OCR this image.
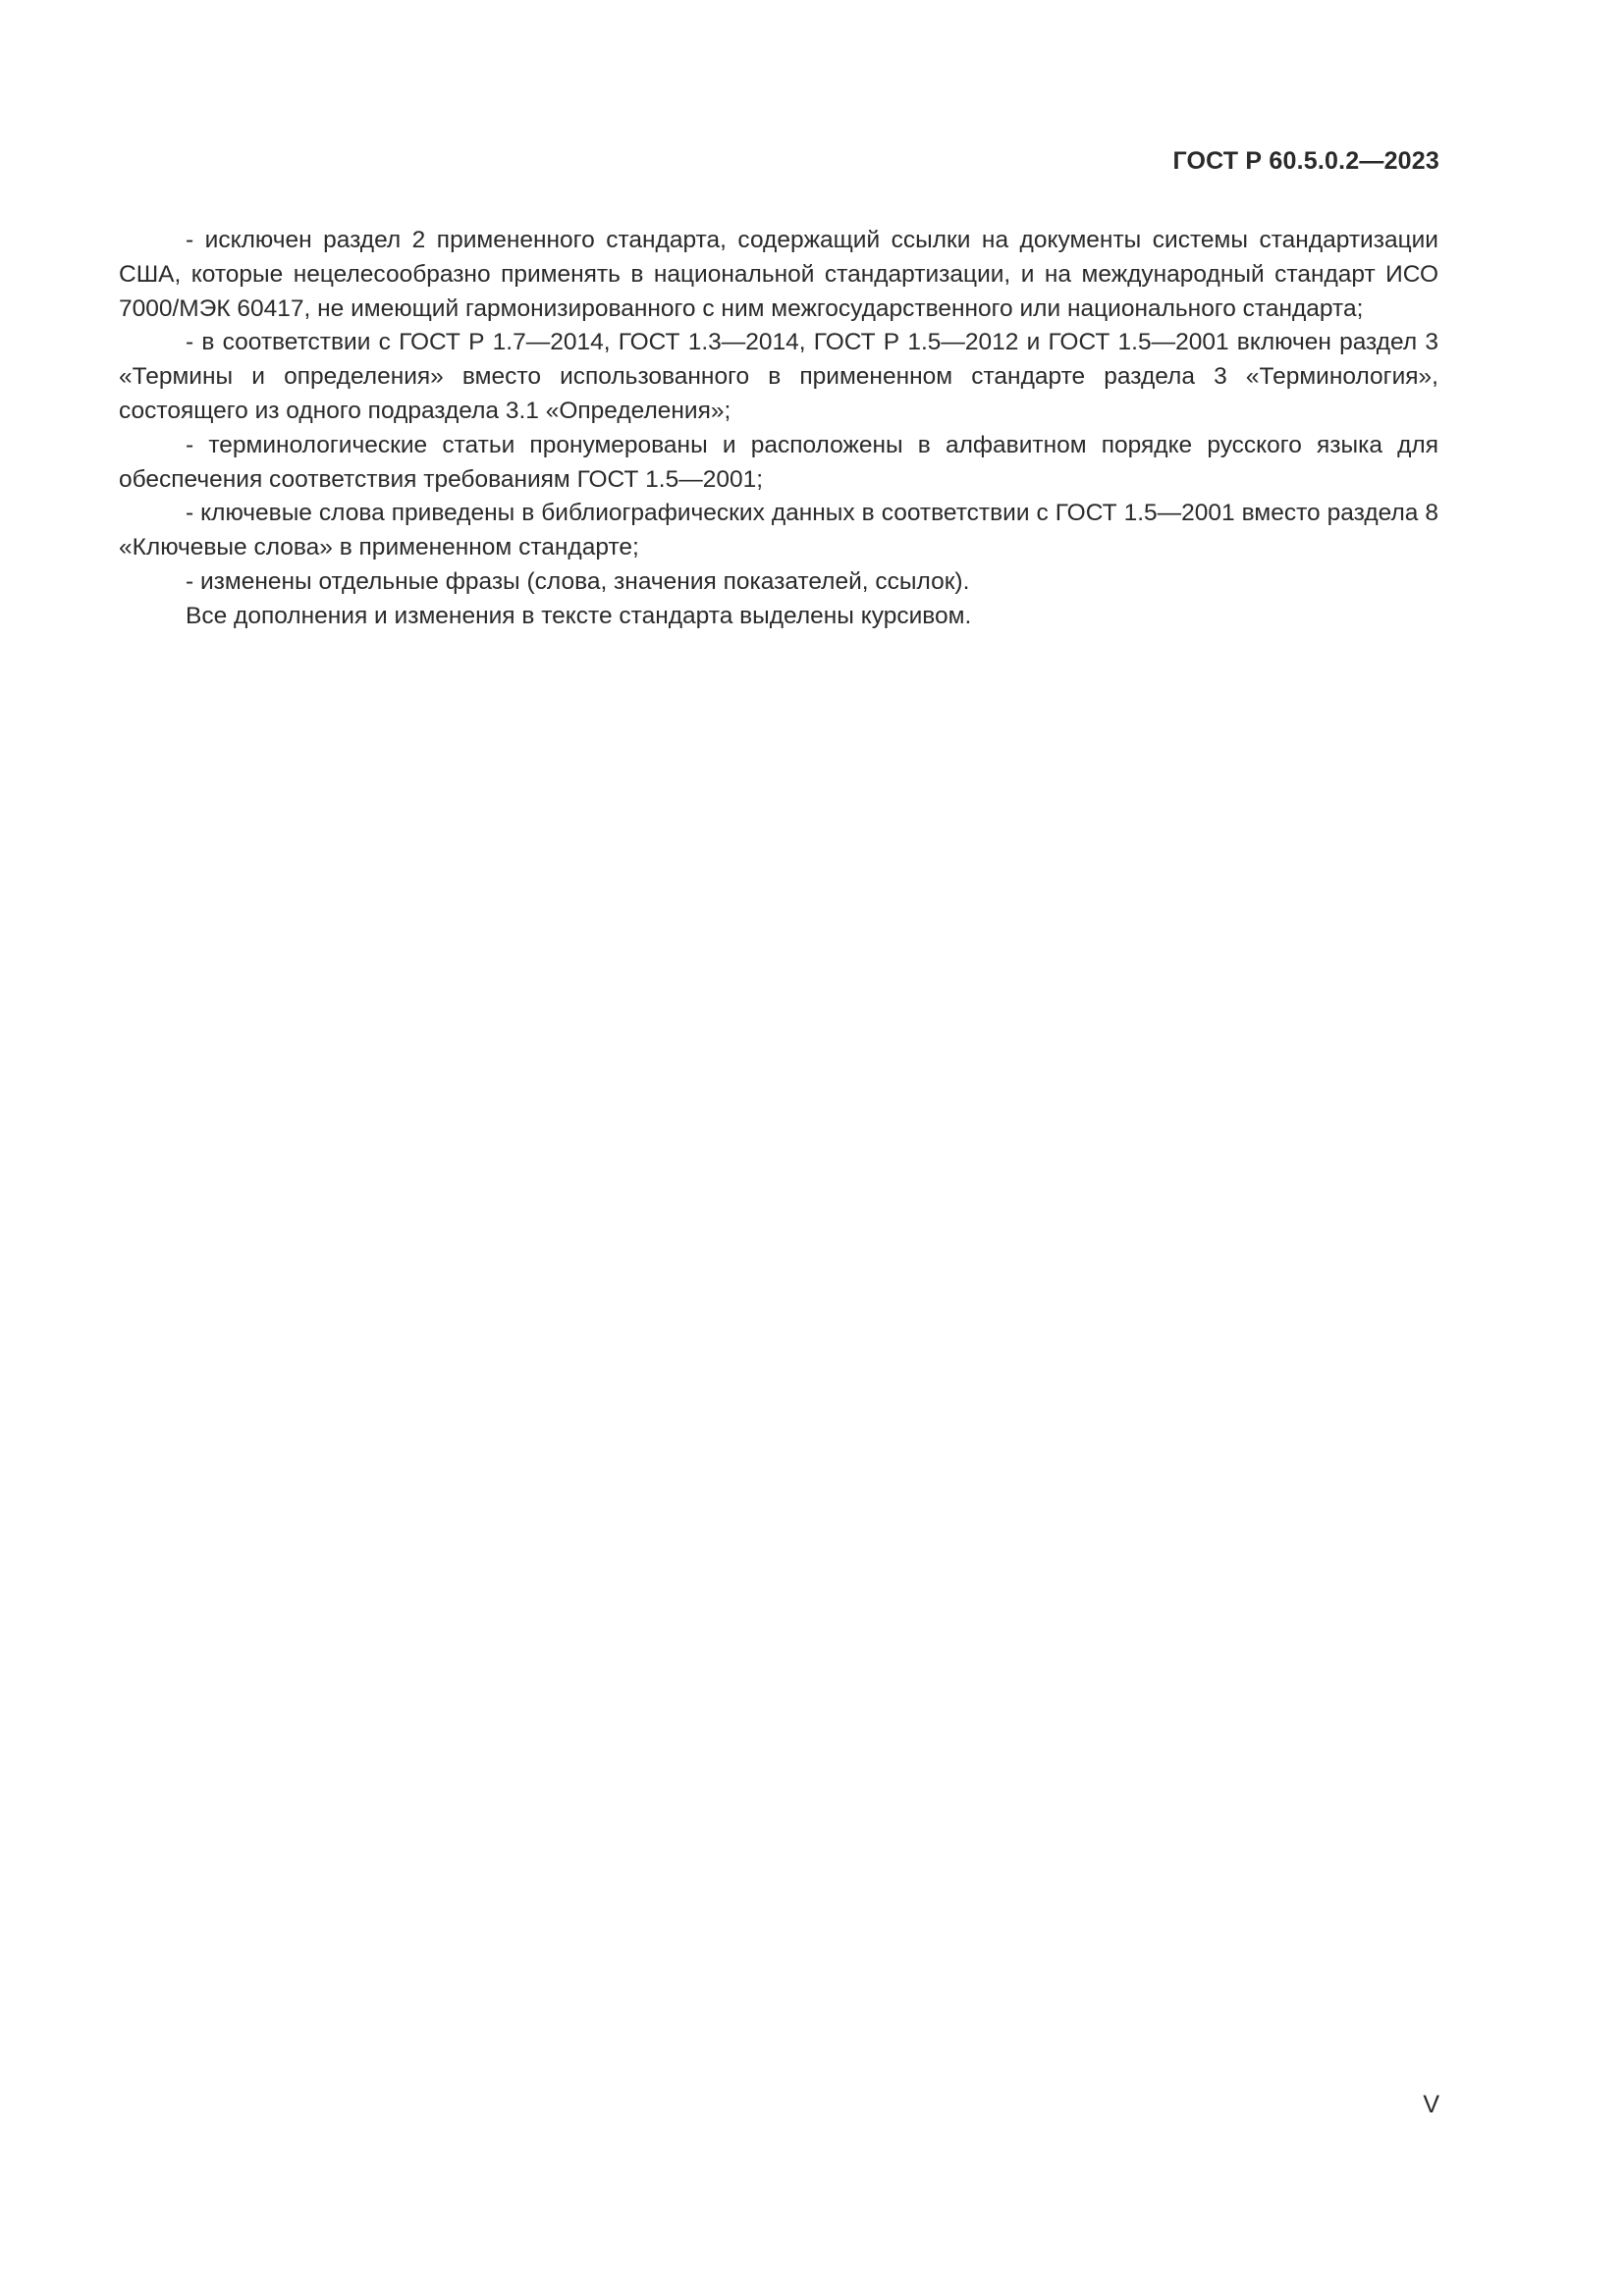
ГОСТ Р 60.5.0.2—2023

- исключен раздел 2 примененного стандарта, содержащий ссылки на документы системы стандартизации США, которые нецелесообразно применять в национальной стандартизации, и на международный стандарт ИСО 7000/МЭК 60417, не имеющий гармонизированного с ним межгосударственного или национального стандарта;

- в соответствии с ГОСТ Р 1.7—2014, ГОСТ 1.3—2014, ГОСТ Р 1.5—2012 и ГОСТ 1.5—2001 включен раздел 3 «Термины и определения» вместо использованного в примененном стандарте раздела 3 «Терминология», состоящего из одного подраздела 3.1 «Определения»;

- терминологические статьи пронумерованы и расположены в алфавитном порядке русского языка для обеспечения соответствия требованиям ГОСТ 1.5—2001;

- ключевые слова приведены в библиографических данных в соответствии с ГОСТ 1.5—2001 вместо раздела 8 «Ключевые слова» в примененном стандарте;

- изменены отдельные фразы (слова, значения показателей, ссылок).

Все дополнения и изменения в тексте стандарта выделены курсивом.

V
